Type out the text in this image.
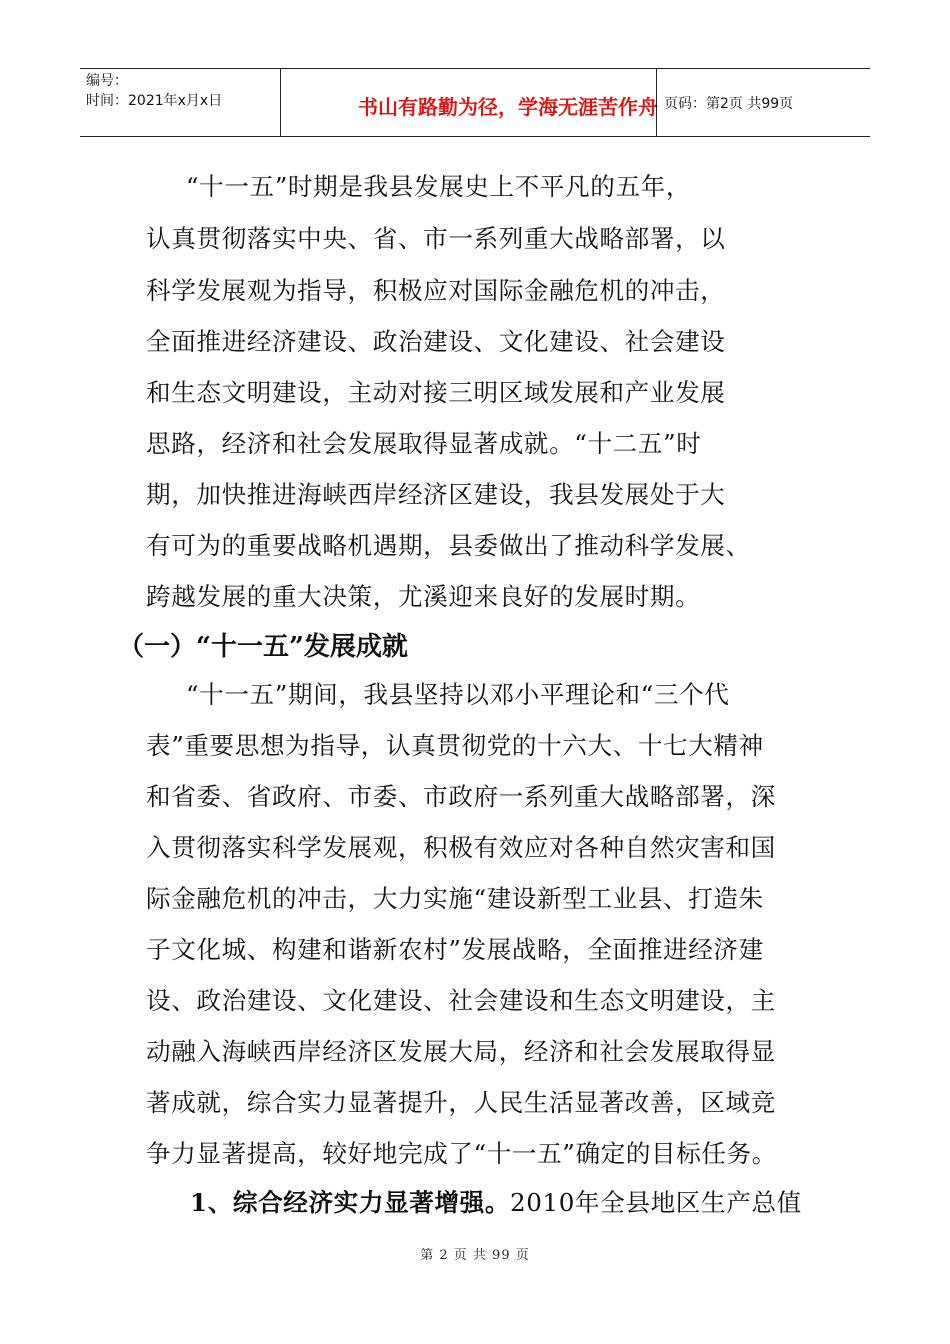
编号：
时间：2021年x月x日	书山有路勤为径，学海无涯苦作舟 页码：第2页 共99页
“十一五”时期是我县发展史上不平凡的五年，
认真贯彻落实中央、省、市一系列重大战略部署，以
科学发展观为指导，积极应对国际金融危机的冲击，
全面推进经济建设、政治建设、文化建设、社会建设
和生态文明建设，主动对接三明区域发展和产业发展
思路，经济和社会发展取得显著成就。“十二五”时
期，加快推进海峡西岸经济区建设，我县发展处于大
有可为的重要战略机遇期，县委做出了推动科学发展、
跨越发展的重大决策，尤溪迎来良好的发展时期。
（一）“十一五”发展成就
“十一五”期间，我县坚持以邓小平理论和“三个代
表”重要思想为指导，认真贯彻党的十六大、十七大精神
和省委、省政府、市委、市政府一系列重大战略部署，深
入贯彻落实科学发展观，积极有效应对各种自然灾害和国
际金融危机的冲击，大力实施“建设新型工业县、打造朱
子文化城、构建和谐新农村”发展战略，全面推进经济建
设、政治建设、文化建设、社会建设和生态文明建设，主
动融入海峡西岸经济区发展大局，经济和社会发展取得显
著成就，综合实力显著提升，人民生活显著改善，区域竞
争力显著提高，较好地完成了“十一五”确定的目标任务。
1、综合经济实力显著增强。2010年全县地区生产总值
第 2 页 共 99 页
